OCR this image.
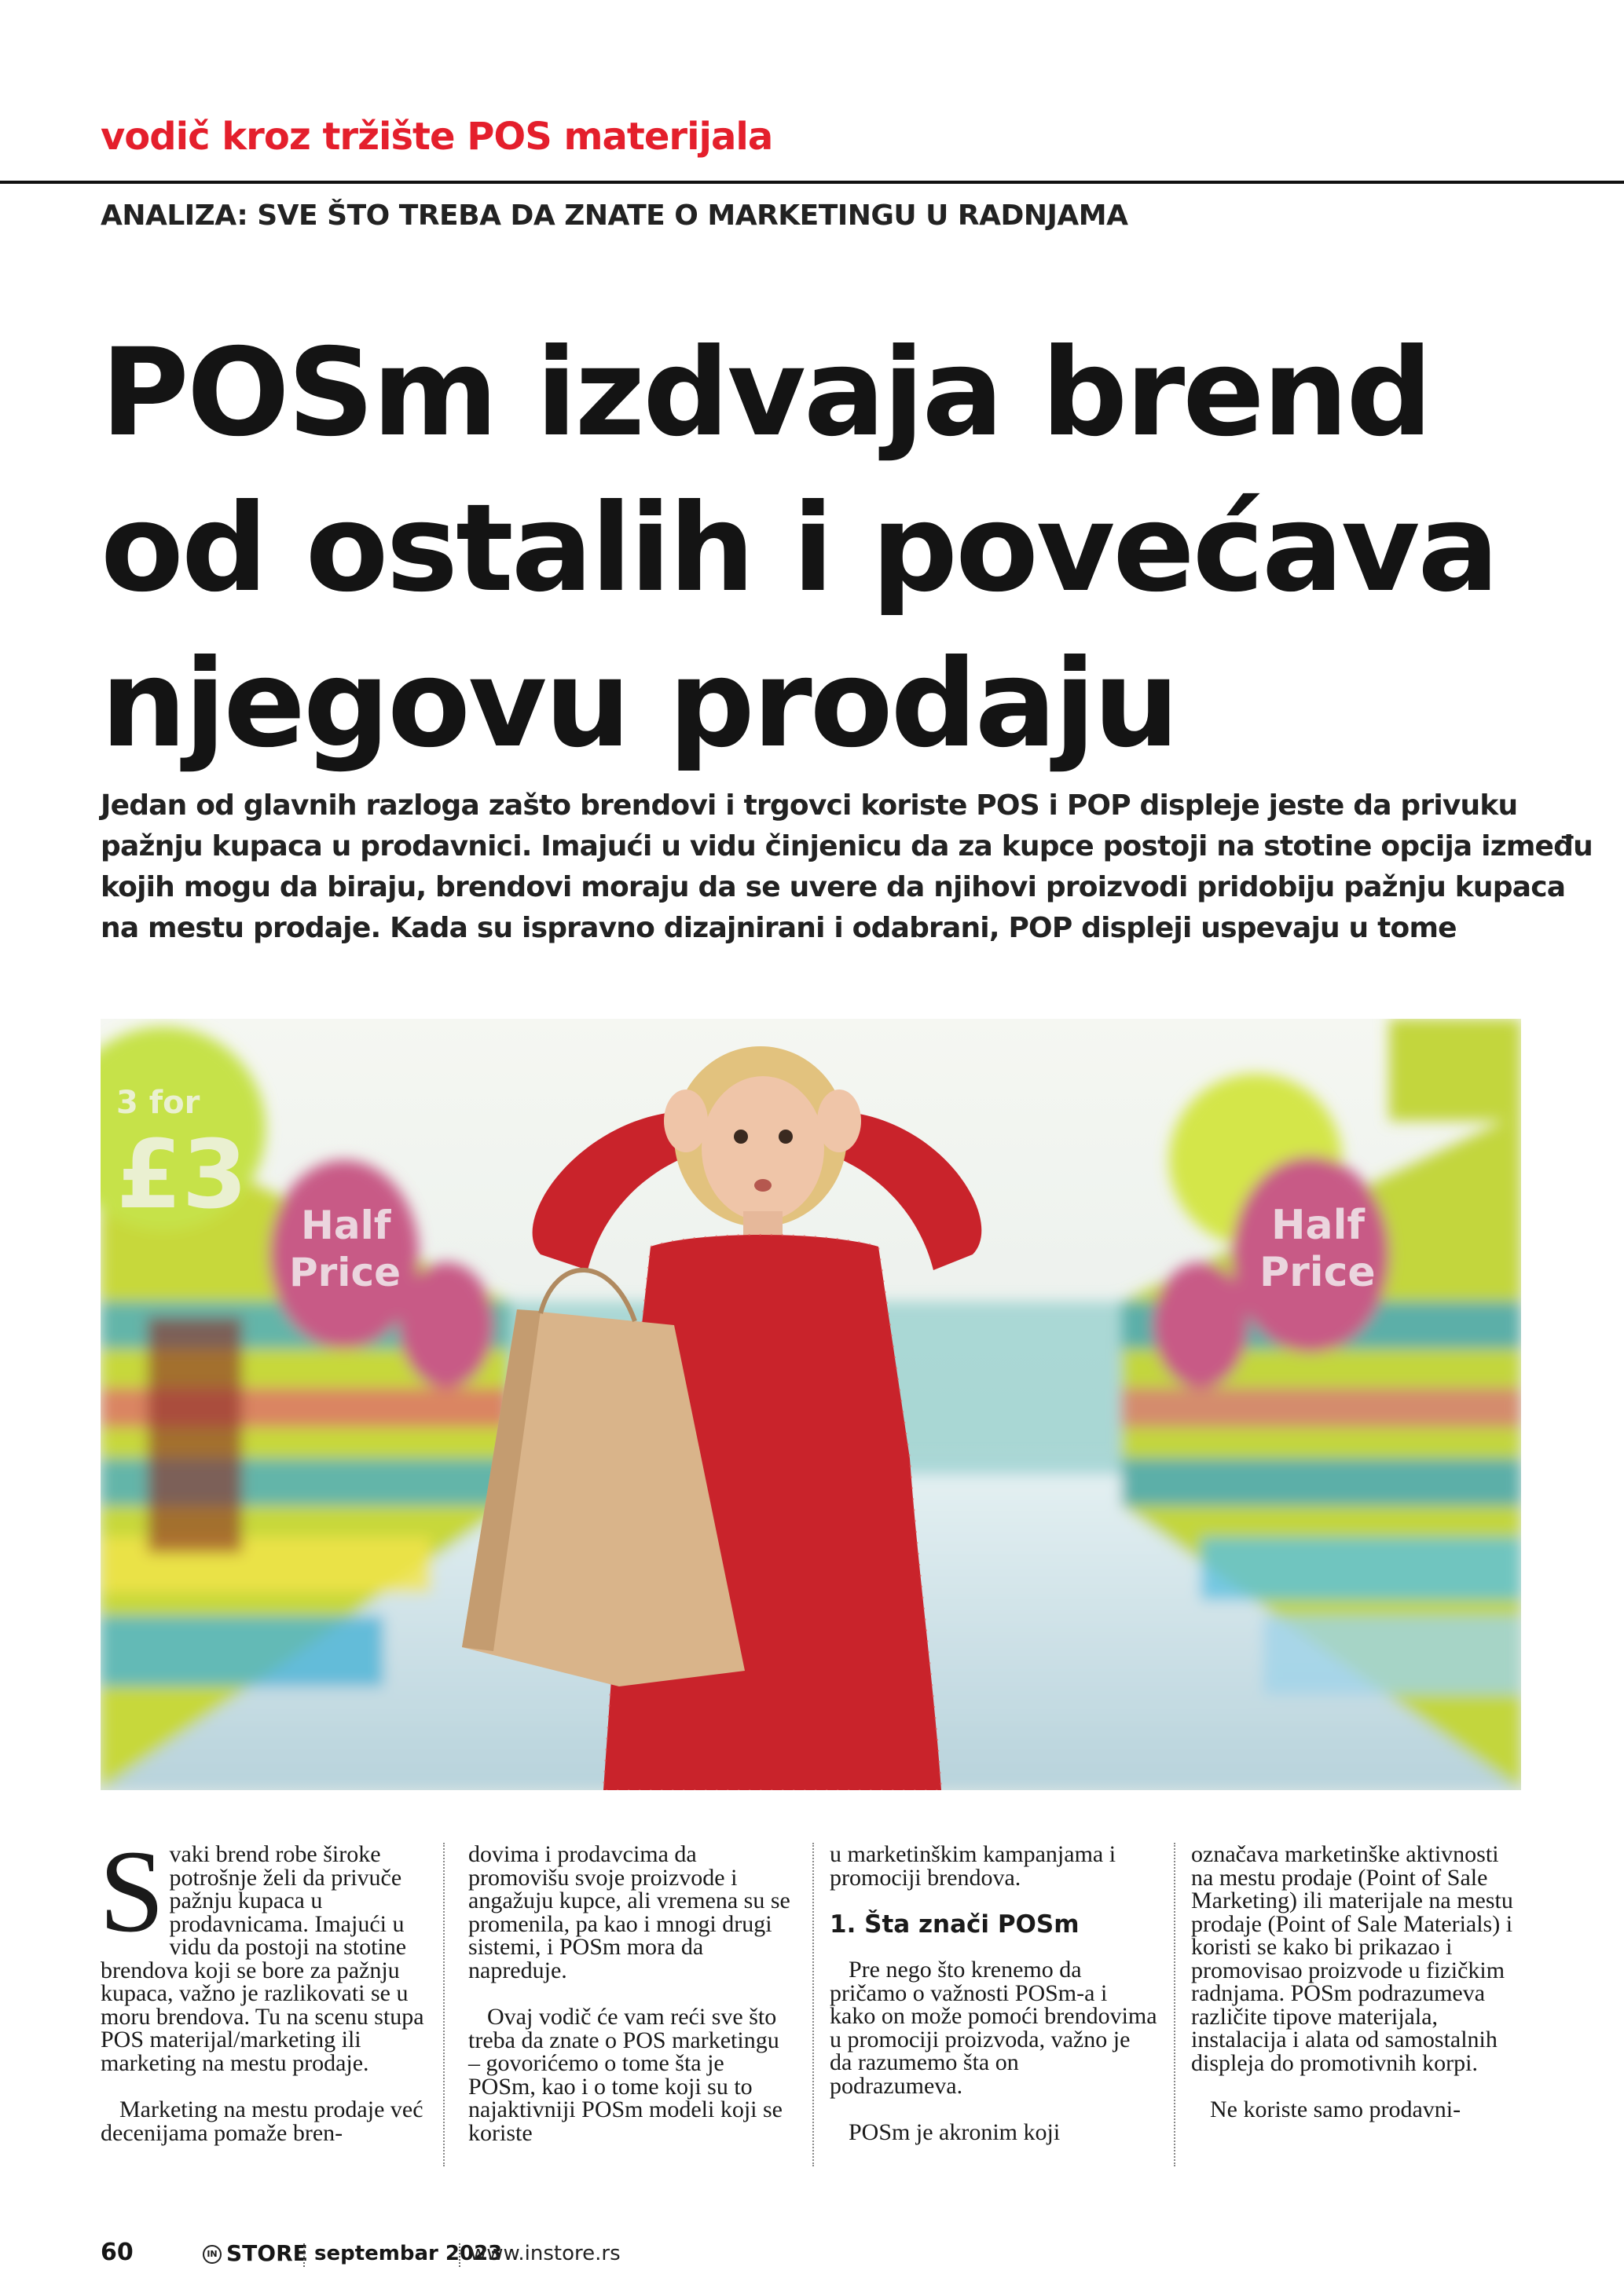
vodič kroz tržište POS materijala
ANALIZA: SVE ŠTO TREBA DA ZNATE O MARKETINGU U RADNJAMA
POSm izdvaja brend
od ostalih i povećava
njegovu prodaju
Jedan od glavnih razloga zašto brendovi i trgovci koriste POS i POP displeje jeste da privuku
pažnju kupaca u prodavnici. Imajući u vidu činjenicu da za kupce postoji na stotine opcija između
kojih mogu da biraju, brendovi moraju da se uvere da njihovi proizvodi pridobiju pažnju kupaca
na mestu prodaje. Kada su ispravno dizajnirani i odabrani, POP displeji uspevaju u tome
3 for
£3 Half
Price
Half
Price

Svaki brend robe široke potrošnje želi da privuče pažnju kupaca u prodavnicama. Imajući u vidu da postoji na stotine brendova koji se bore za pažnju kupaca, važno je razlikovati se u moru brendova. Tu na scenu stupa POS materijal/marketing ili marketing na mestu prodaje.

Marketing na mestu prodaje već decenijama pomaže bren-

dovima i prodavcima da promovišu svoje proizvode i angažuju kupce, ali vremena su se promenila, pa kao i mnogi drugi sistemi, i POSm mora da napreduje.

Ovaj vodič će vam reći sve što treba da znate o POS marketingu – govorićemo o tome šta je POSm, kao i o tome koji su to najaktivniji POSm modeli koji se koriste

u marketinškim kampanjama i promociji brendova.

1. Šta znači POSm

Pre nego što krenemo da pričamo o važnosti POSm-a i kako on može pomoći brendovima u promociji proizvoda, važno je da razumemo šta on podrazumeva.

POSm je akronim koji

označava marketinške aktivnosti na mestu prodaje (Point of Sale Marketing) ili materijale na mestu prodaje (Point of Sale Materials) i koristi se kako bi prikazao i promovisao proizvode u fizičkim radnjama. POSm podrazumeva različite tipove materijala, instalacija i alata od samostalnih displeja do promotivnih korpi.

Ne koriste samo prodavni-

60	IN STORE septembar 2023
www.instore.rs
